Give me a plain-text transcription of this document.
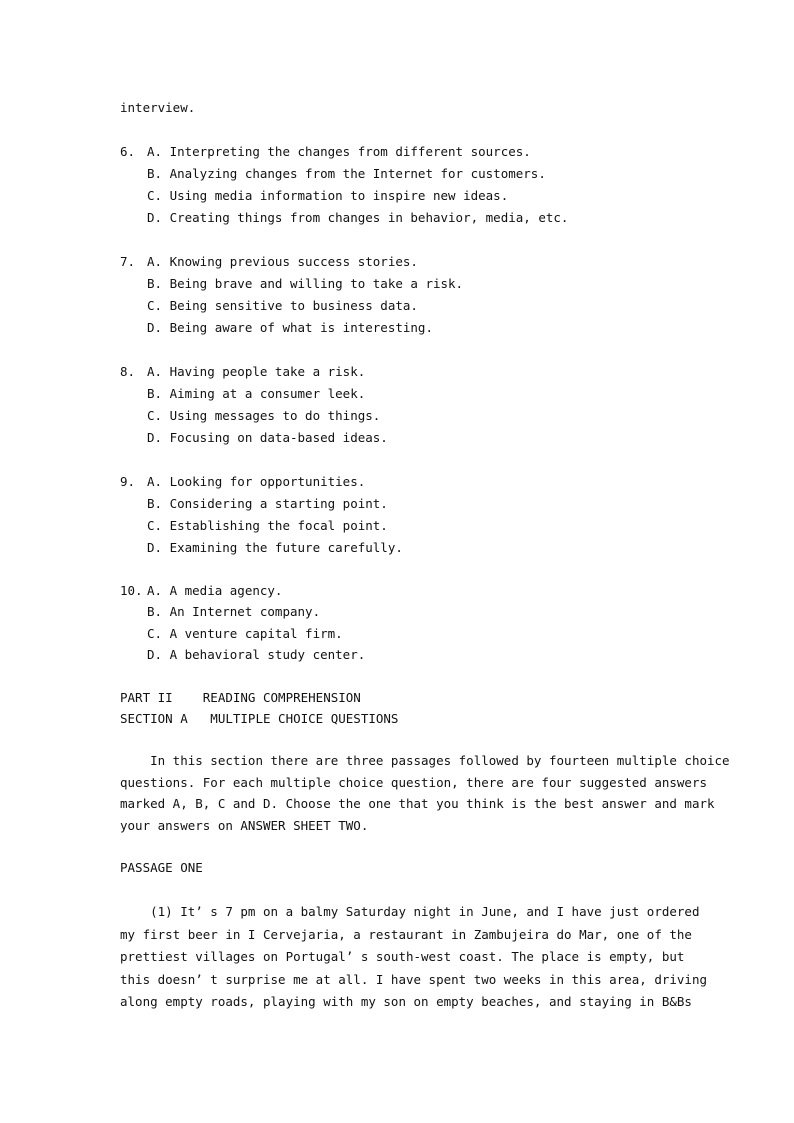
interview.
6. A. Interpreting the changes from different sources.
B. Analyzing changes from the Internet for customers.
C. Using media information to inspire new ideas.
D. Creating things from changes in behavior, media, etc.
7. A. Knowing previous success stories.
B. Being brave and willing to take a risk.
C. Being sensitive to business data.
D. Being aware of what is interesting.
8. A. Having people take a risk.
B. Aiming at a consumer leek.
C. Using messages to do things.
D. Focusing on data-based ideas.
9. A. Looking for opportunities.
B. Considering a starting point.
C. Establishing the focal point.
D. Examining the future carefully.
10. A. A media agency.
B. An Internet company.
C. A venture capital firm.
D. A behavioral study center.
PART II    READING COMPREHENSION
SECTION A   MULTIPLE CHOICE QUESTIONS
In this section there are three passages followed by fourteen multiple choice
questions. For each multiple choice question, there are four suggested answers
marked A, B, C and D. Choose the one that you think is the best answer and mark
your answers on ANSWER SHEET TWO.
PASSAGE ONE
(1) It’ s 7 pm on a balmy Saturday night in June, and I have just ordered
my first beer in I Cervejaria, a restaurant in Zambujeira do Mar, one of the
prettiest villages on Portugal’ s south-west coast. The place is empty, but
this doesn’ t surprise me at all. I have spent two weeks in this area, driving
along empty roads, playing with my son on empty beaches, and staying in B&Bs
